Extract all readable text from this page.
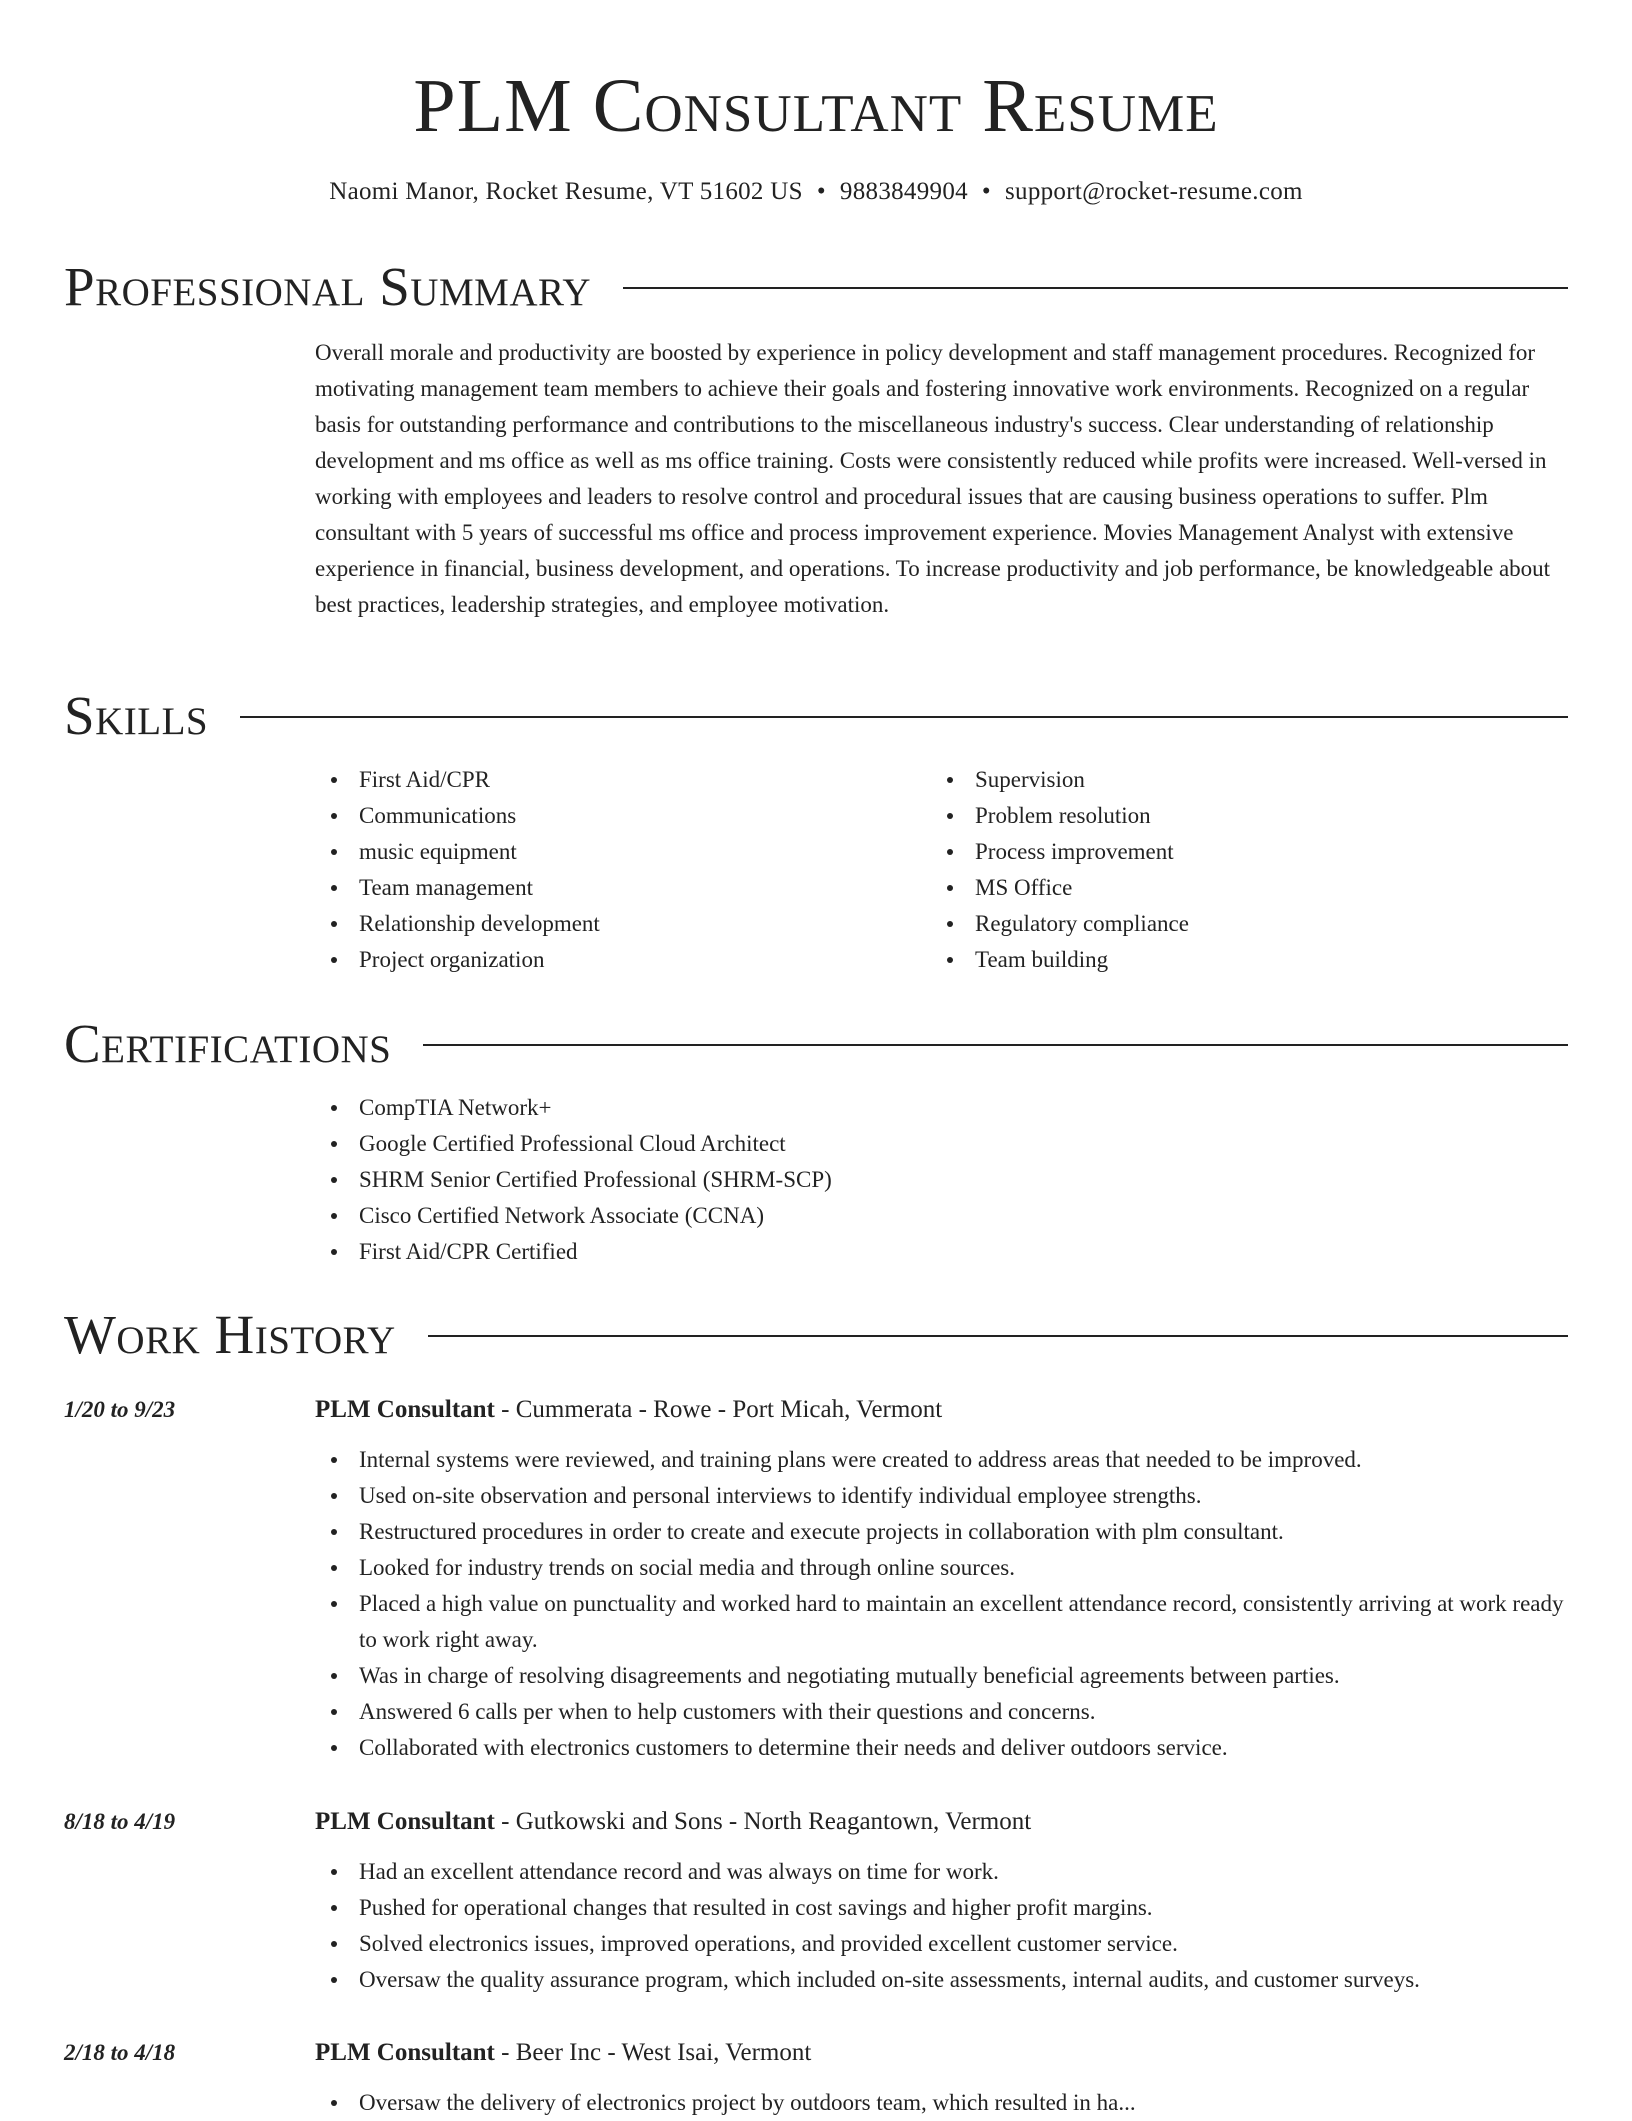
PLM Consultant Resume
Naomi Manor, Rocket Resume, VT 51602 US • 9883849904 • support@rocket-resume.com
Professional Summary
Overall morale and productivity are boosted by experience in policy development and staff management procedures. Recognized for motivating management team members to achieve their goals and fostering innovative work environments. Recognized on a regular basis for outstanding performance and contributions to the miscellaneous industry's success. Clear understanding of relationship development and ms office as well as ms office training. Costs were consistently reduced while profits were increased. Well-versed in working with employees and leaders to resolve control and procedural issues that are causing business operations to suffer. Plm consultant with 5 years of successful ms office and process improvement experience. Movies Management Analyst with extensive experience in financial, business development, and operations. To increase productivity and job performance, be knowledgeable about best practices, leadership strategies, and employee motivation.
Skills
First Aid/CPR
Communications
music equipment
Team management
Relationship development
Project organization
Supervision
Problem resolution
Process improvement
MS Office
Regulatory compliance
Team building
Certifications
CompTIA Network+
Google Certified Professional Cloud Architect
SHRM Senior Certified Professional (SHRM-SCP)
Cisco Certified Network Associate (CCNA)
First Aid/CPR Certified
Work History
1/20 to 9/23	PLM Consultant - Cummerata - Rowe - Port Micah, Vermont
Internal systems were reviewed, and training plans were created to address areas that needed to be improved.
Used on-site observation and personal interviews to identify individual employee strengths.
Restructured procedures in order to create and execute projects in collaboration with plm consultant.
Looked for industry trends on social media and through online sources.
Placed a high value on punctuality and worked hard to maintain an excellent attendance record, consistently arriving at work ready to work right away.
Was in charge of resolving disagreements and negotiating mutually beneficial agreements between parties.
Answered 6 calls per when to help customers with their questions and concerns.
Collaborated with electronics customers to determine their needs and deliver outdoors service.
8/18 to 4/19	PLM Consultant - Gutkowski and Sons - North Reagantown, Vermont
Had an excellent attendance record and was always on time for work.
Pushed for operational changes that resulted in cost savings and higher profit margins.
Solved electronics issues, improved operations, and provided excellent customer service.
Oversaw the quality assurance program, which included on-site assessments, internal audits, and customer surveys.
2/18 to 4/18	PLM Consultant - Beer Inc - West Isai, Vermont
Oversaw the delivery of electronics project by outdoors team, which resulted in ha...
